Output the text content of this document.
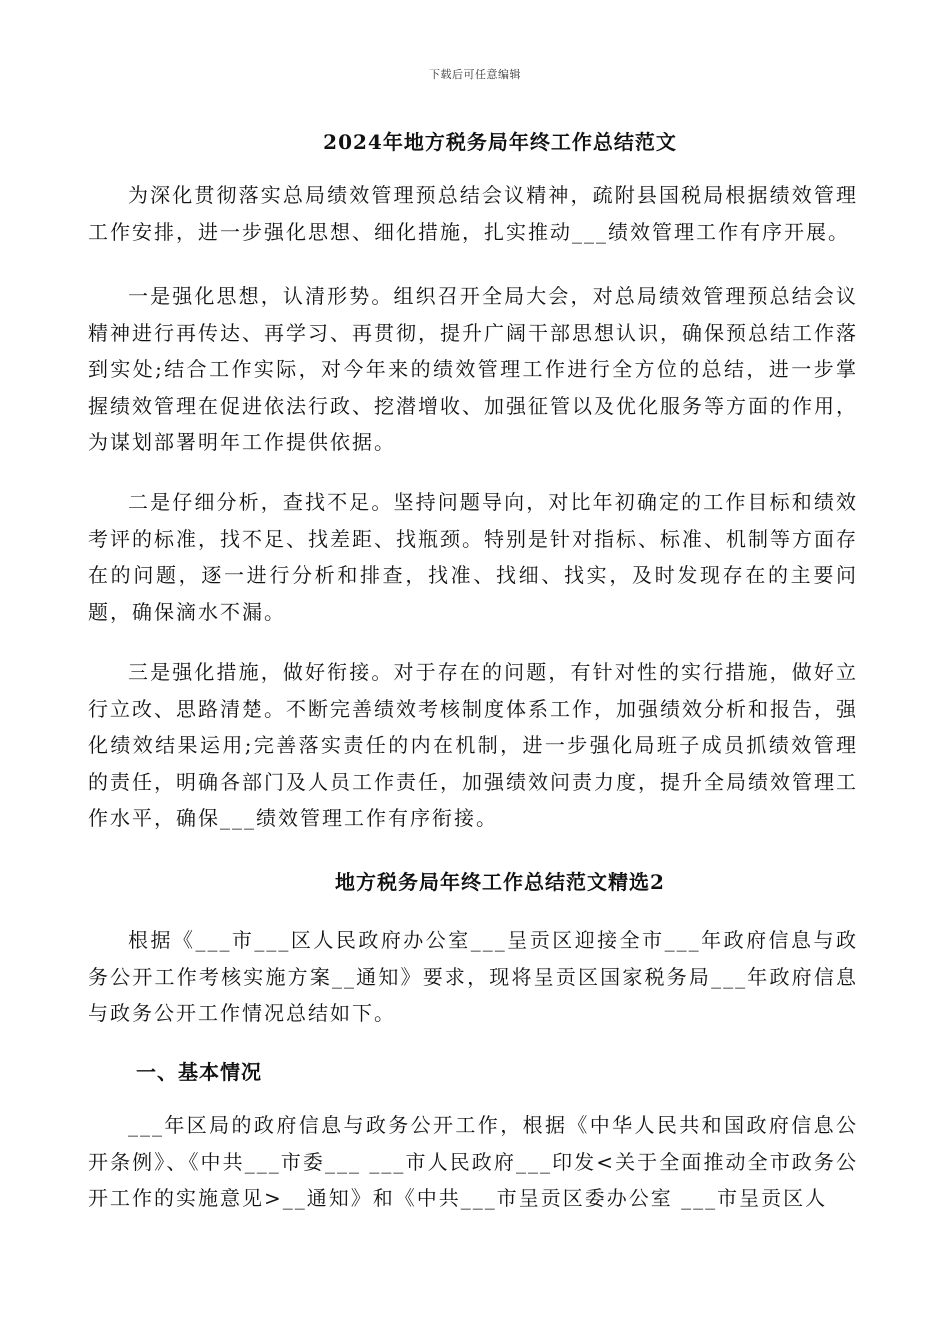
下载后可任意编辑
2024年地方税务局年终工作总结范文

为深化贯彻落实总局绩效管理预总结会议精神，疏附县国税局根据绩效管理工作安排，进一步强化思想、细化措施，扎实推动___绩效管理工作有序开展。

一是强化思想，认清形势。组织召开全局大会，对总局绩效管理预总结会议精神进行再传达、再学习、再贯彻，提升广阔干部思想认识，确保预总结工作落到实处;结合工作实际，对今年来的绩效管理工作进行全方位的总结，进一步掌握绩效管理在促进依法行政、挖潜增收、加强征管以及优化服务等方面的作用，为谋划部署明年工作提供依据。

二是仔细分析，查找不足。坚持问题导向，对比年初确定的工作目标和绩效考评的标准，找不足、找差距、找瓶颈。特别是针对指标、标准、机制等方面存在的问题，逐一进行分析和排查，找准、找细、找实，及时发现存在的主要问题，确保滴水不漏。

三是强化措施，做好衔接。对于存在的问题，有针对性的实行措施，做好立行立改、思路清楚。不断完善绩效考核制度体系工作，加强绩效分析和报告，强化绩效结果运用;完善落实责任的内在机制，进一步强化局班子成员抓绩效管理的责任，明确各部门及人员工作责任，加强绩效问责力度，提升全局绩效管理工作水平，确保___绩效管理工作有序衔接。

地方税务局年终工作总结范文精选2

根据《___市___区人民政府办公室___呈贡区迎接全市___年政府信息与政务公开工作考核实施方案__通知》要求，现将呈贡区国家税务局___年政府信息与政务公开工作情况总结如下。

一、基本情况

___年区局的政府信息与政务公开工作，根据《中华人民共和国政府信息公开条例》、《中共___市委___ ___市人民政府___印发<关于全面推动全市政务公开工作的实施意见>__通知》和《中共___市呈贡区委办公室 ___市呈贡区人
